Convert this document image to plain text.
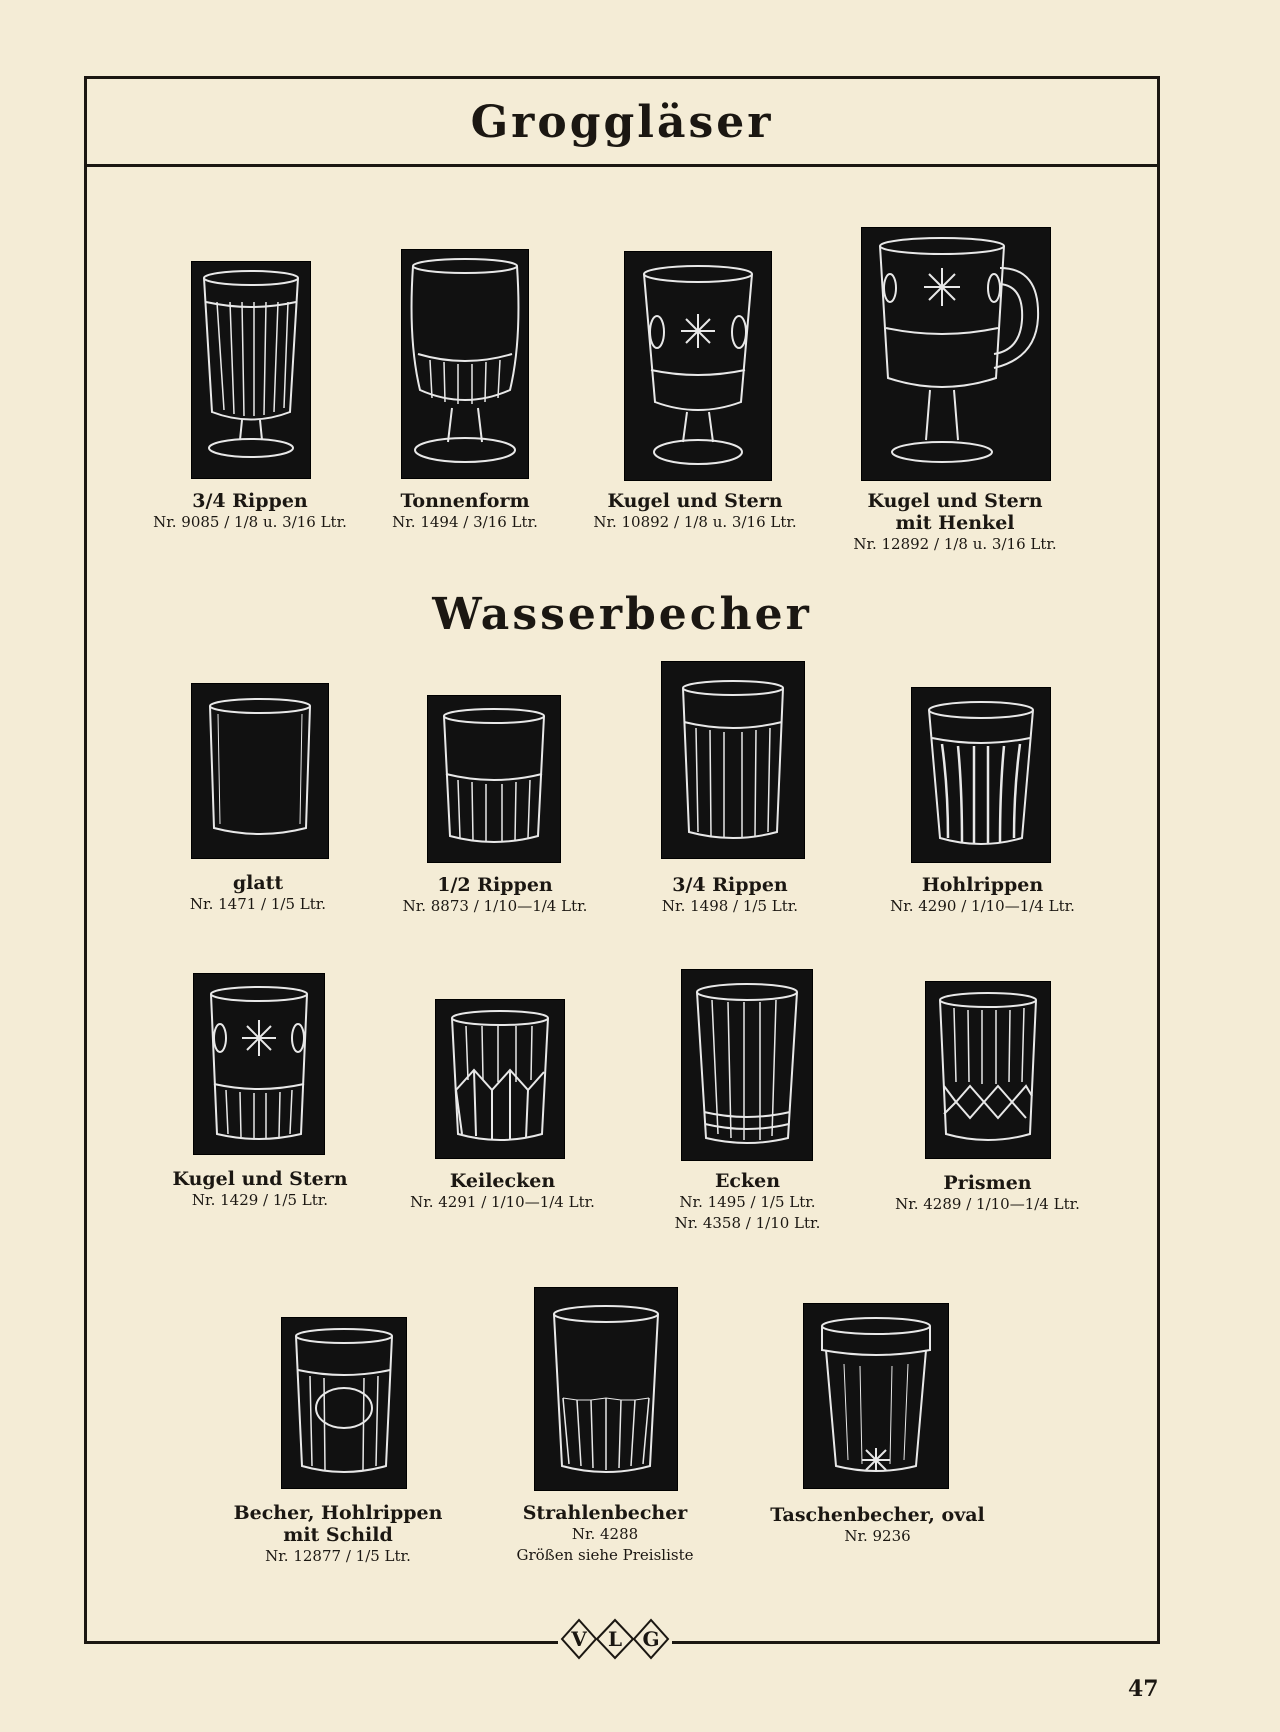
Groggläser
Wasserbecher
3/4 Rippen
Nr. 9085 / 1/8 u. 3/16 Ltr.
Tonnenform
Nr. 1494 / 3/16 Ltr.
Kugel und Stern
Nr. 10892 / 1/8 u. 3/16 Ltr.
Kugel und Stern
mit Henkel
Nr. 12892 / 1/8 u. 3/16 Ltr.
glatt
Nr. 1471 / 1/5 Ltr.
1/2 Rippen
Nr. 8873 / 1/10—1/4 Ltr.
3/4 Rippen
Nr. 1498 / 1/5 Ltr.
Hohlrippen
Nr. 4290 / 1/10—1/4 Ltr.
Kugel und Stern
Nr. 1429 / 1/5 Ltr.
Keilecken
Nr. 4291 / 1/10—1/4 Ltr.
Ecken
Nr. 1495 / 1/5 Ltr.
Nr. 4358 / 1/10 Ltr.
Prismen
Nr. 4289 / 1/10—1/4 Ltr.
Becher, Hohlrippen
mit Schild
Nr. 12877 / 1/5 Ltr.
Strahlenbecher
Nr. 4288
Größen siehe Preisliste
Taschenbecher, oval
Nr. 9236
V L G
47
